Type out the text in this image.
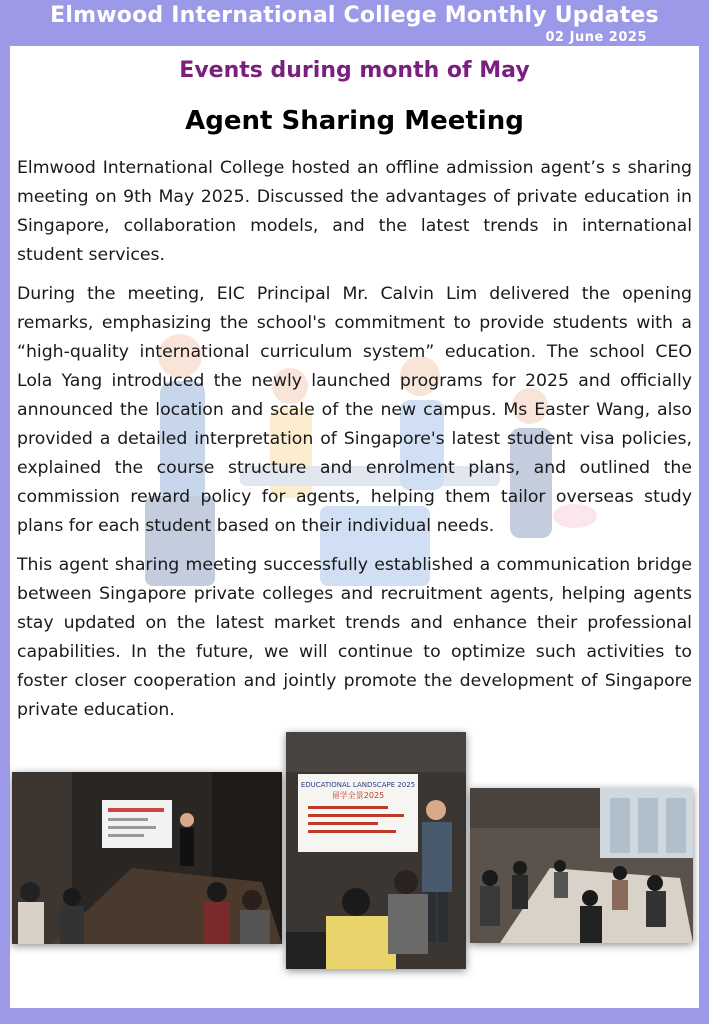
Elmwood International College Monthly Updates
02 June 2025
Events during month of May
Agent Sharing Meeting

Elmwood International College hosted an offline admission agent’s s sharing meeting on 9th May 2025. Discussed the advantages of private education in Singapore, collaboration models, and the latest trends in international student services.

During the meeting, EIC Principal Mr. Calvin Lim delivered the opening remarks, emphasizing the school's commitment to provide students with a “high-quality international curriculum system” education. The school CEO Lola Yang introduced the newly launched programs for 2025 and officially announced the location and scale of the new campus. Ms Easter Wang, also provided a detailed interpretation of Singapore's latest student visa policies, explained the course structure and enrolment plans, and outlined the commission reward policy for agents, helping them tailor overseas study plans for each student based on their individual needs.

This agent sharing meeting successfully established a communication bridge between Singapore private colleges and recruitment agents, helping agents stay updated on the latest market trends and enhance their professional capabilities. In the future, we will continue to optimize such activities to foster closer cooperation and jointly promote the development of Singapore private education.

EDUCATIONAL LANDSCAPE 2025
留学全景2025
